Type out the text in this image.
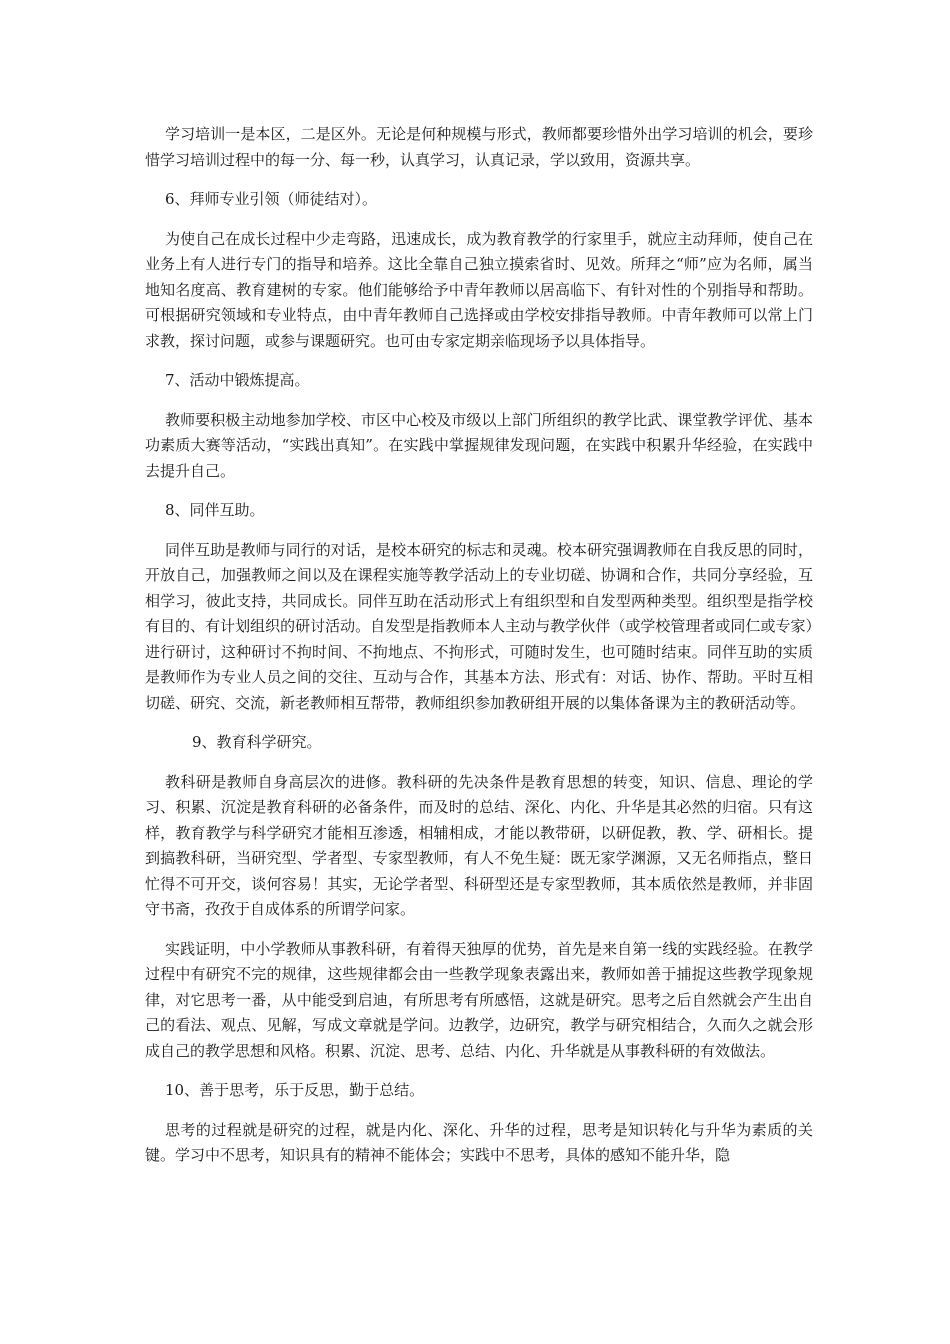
学习培训一是本区，二是区外。无论是何种规模与形式，教师都要珍惜外出学习培训的机会，要珍惜学习培训过程中的每一分、每一秒，认真学习，认真记录，学以致用，资源共享。

6、拜师专业引领（师徒结对）。

为使自己在成长过程中少走弯路，迅速成长，成为教育教学的行家里手，就应主动拜师，使自己在业务上有人进行专门的指导和培养。这比全靠自己独立摸索省时、见效。所拜之“师”应为名师，属当地知名度高、教育建树的专家。他们能够给予中青年教师以居高临下、有针对性的个别指导和帮助。可根据研究领域和专业特点，由中青年教师自己选择或由学校安排指导教师。中青年教师可以常上门求教，探讨问题，或参与课题研究。也可由专家定期亲临现场予以具体指导。

7、活动中锻炼提高。

教师要积极主动地参加学校、市区中心校及市级以上部门所组织的教学比武、课堂教学评优、基本功素质大赛等活动，“实践出真知”。在实践中掌握规律发现问题，在实践中积累升华经验，在实践中去提升自己。

8、同伴互助。

同伴互助是教师与同行的对话，是校本研究的标志和灵魂。校本研究强调教师在自我反思的同时，开放自己，加强教师之间以及在课程实施等教学活动上的专业切磋、协调和合作，共同分享经验，互相学习，彼此支持，共同成长。同伴互助在活动形式上有组织型和自发型两种类型。组织型是指学校有目的、有计划组织的研讨活动。自发型是指教师本人主动与教学伙伴（或学校管理者或同仁或专家）进行研讨，这种研讨不拘时间、不拘地点、不拘形式，可随时发生，也可随时结束。同伴互助的实质是教师作为专业人员之间的交往、互动与合作，其基本方法、形式有：对话、协作、帮助。平时互相切磋、研究、交流，新老教师相互帮带，教师组织参加教研组开展的以集体备课为主的教研活动等。

9、教育科学研究。

教科研是教师自身高层次的进修。教科研的先决条件是教育思想的转变，知识、信息、理论的学习、积累、沉淀是教育科研的必备条件，而及时的总结、深化、内化、升华是其必然的归宿。只有这样，教育教学与科学研究才能相互渗透，相辅相成，才能以教带研，以研促教，教、学、研相长。提到搞教科研，当研究型、学者型、专家型教师，有人不免生疑：既无家学渊源，又无名师指点，整日忙得不可开交，谈何容易！其实，无论学者型、科研型还是专家型教师，其本质依然是教师，并非固守书斋，孜孜于自成体系的所谓学问家。

实践证明，中小学教师从事教科研，有着得天独厚的优势，首先是来自第一线的实践经验。在教学过程中有研究不完的规律，这些规律都会由一些教学现象表露出来，教师如善于捕捉这些教学现象规律，对它思考一番，从中能受到启迪，有所思考有所感悟，这就是研究。思考之后自然就会产生出自己的看法、观点、见解，写成文章就是学问。边教学，边研究，教学与研究相结合，久而久之就会形成自己的教学思想和风格。积累、沉淀、思考、总结、内化、升华就是从事教科研的有效做法。

10、善于思考，乐于反思，勤于总结。

思考的过程就是研究的过程，就是内化、深化、升华的过程，思考是知识转化与升华为素质的关键。学习中不思考，知识具有的精神不能体会；实践中不思考，具体的感知不能升华，隐
